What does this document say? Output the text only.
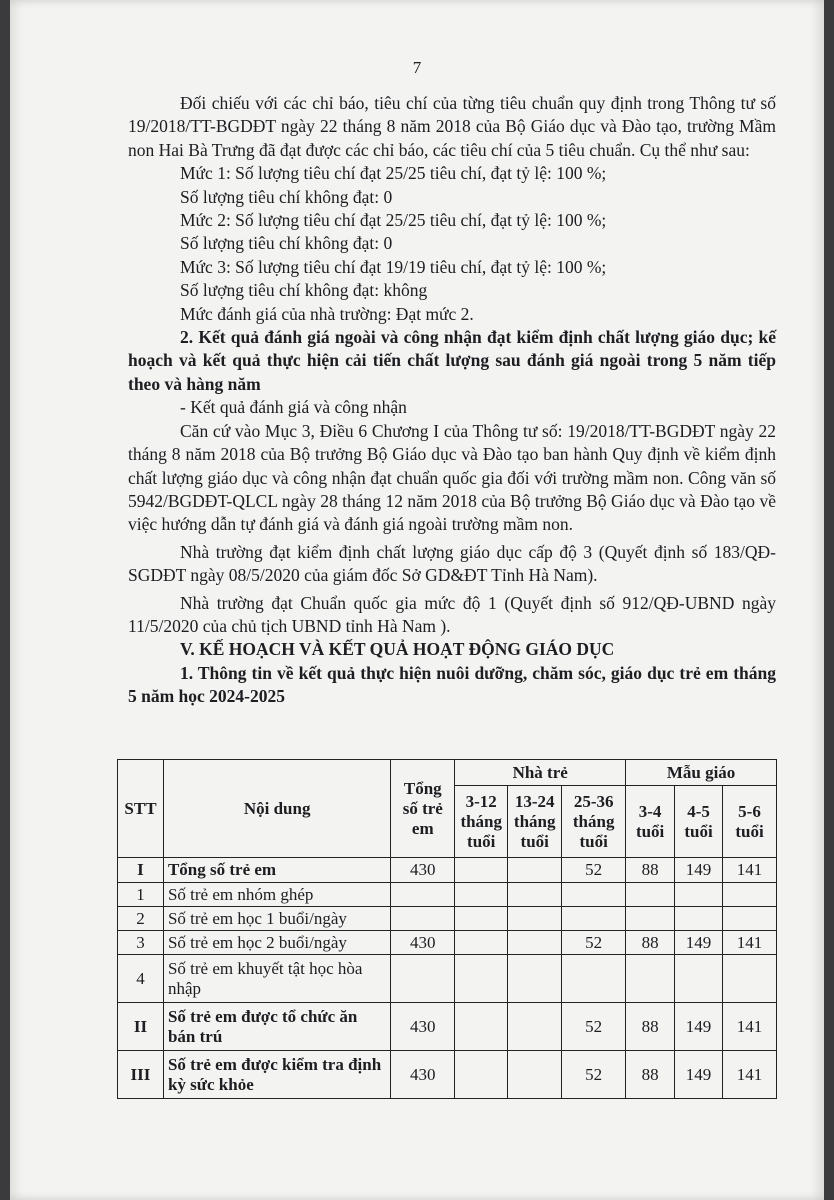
7

Đối chiếu với các chỉ báo, tiêu chí của từng tiêu chuẩn quy định trong Thông tư số 19/2018/TT-BGDĐT ngày 22 tháng 8 năm 2018 của Bộ Giáo dục và Đào tạo, trường Mầm non Hai Bà Trưng đã đạt được các chỉ báo, các tiêu chí của 5 tiêu chuẩn. Cụ thể như sau:

Mức 1: Số lượng tiêu chí đạt 25/25 tiêu chí, đạt tỷ lệ: 100 %;

Số lượng tiêu chí không đạt: 0

Mức 2: Số lượng tiêu chí đạt 25/25 tiêu chí, đạt tỷ lệ: 100 %;

Số lượng tiêu chí không đạt: 0

Mức 3: Số lượng tiêu chí đạt 19/19 tiêu chí, đạt tỷ lệ: 100 %;

Số lượng tiêu chí không đạt: không

Mức đánh giá của nhà trường: Đạt mức 2.

2. Kết quả đánh giá ngoài và công nhận đạt kiểm định chất lượng giáo dục; kế hoạch và kết quả thực hiện cải tiến chất lượng sau đánh giá ngoài trong 5 năm tiếp theo và hàng năm

- Kết quả đánh giá và công nhận

Căn cứ vào Mục 3, Điều 6 Chương I của Thông tư số: 19/2018/TT-BGDĐT ngày 22 tháng 8 năm 2018 của Bộ trưởng Bộ Giáo dục và Đào tạo ban hành Quy định về kiểm định chất lượng giáo dục và công nhận đạt chuẩn quốc gia đối với trường mầm non. Công văn số 5942/BGDĐT-QLCL ngày 28 tháng 12 năm 2018 của Bộ trưởng Bộ Giáo dục và Đào tạo về việc hướng dẫn tự đánh giá và đánh giá ngoài trường mầm non.

Nhà trường đạt kiểm định chất lượng giáo dục cấp độ 3 (Quyết định số 183/QĐ-SGDĐT ngày 08/5/2020 của giám đốc Sở GD&ĐT Tỉnh Hà Nam).

Nhà trường đạt Chuẩn quốc gia mức độ 1 (Quyết định số 912/QĐ-UBND ngày 11/5/2020 của chủ tịch UBND tỉnh Hà Nam ).

V. KẾ HOẠCH VÀ KẾT QUẢ HOẠT ĐỘNG GIÁO DỤC

1. Thông tin về kết quả thực hiện nuôi dưỡng, chăm sóc, giáo dục trẻ em tháng 5 năm học 2024-2025

STT	Nội dung	Tổng số trẻ em	Nhà trẻ			Mẫu giáo		
			3-12 tháng tuổi	13-24 tháng tuổi	25-36 tháng tuổi	3-4 tuổi	4-5 tuổi	5-6 tuổi
I	Tổng số trẻ em	430			52	88	149	141
1	Số trẻ em nhóm ghép							
2	Số trẻ em học 1 buổi/ngày							
3	Số trẻ em học 2 buổi/ngày	430			52	88	149	141
4	Số trẻ em khuyết tật học hòa nhập							
II	Số trẻ em được tổ chức ăn bán trú	430			52	88	149	141
III	Số trẻ em được kiểm tra định kỳ sức khỏe	430			52	88	149	141
